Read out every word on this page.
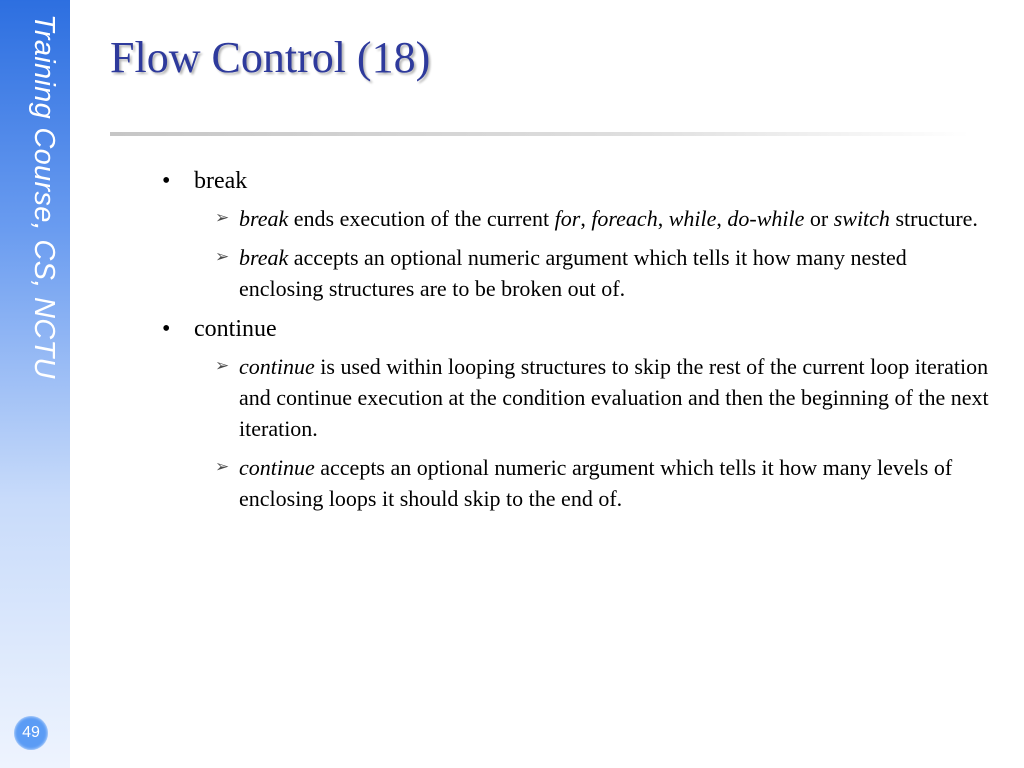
Training Course, CS, NCTU
49
Flow Control (18)
• break
➢ break ends execution of the current for, foreach, while, do-while or switch structure.
➢ break accepts an optional numeric argument which tells it how many nested enclosing structures are to be broken out of.
• continue
➢ continue is used within looping structures to skip the rest of the current loop iteration and continue execution at the condition evaluation and then the beginning of the next iteration.
➢ continue accepts an optional numeric argument which tells it how many levels of enclosing loops it should skip to the end of.
